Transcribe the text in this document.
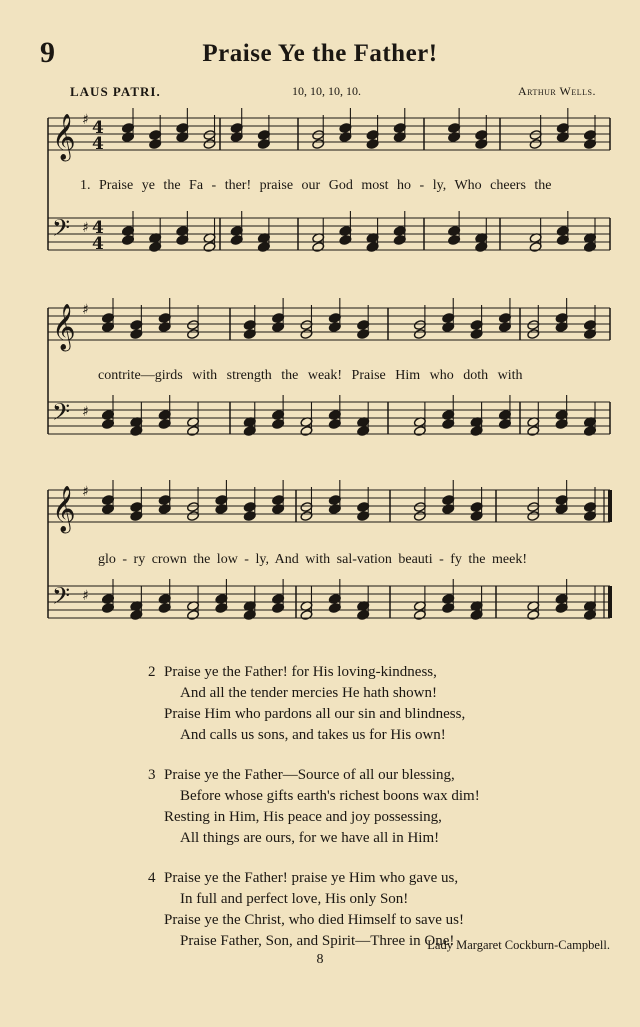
9	Praise Ye the Father!
LAUS PATRI.	10, 10, 10, 10.	Arthur Wells.
𝄞 ♯ 4
4
𝄢 ♯ 4
4
1. Praise ye the Fa - ther! praise our God most ho - ly, Who cheers the
𝄞 ♯
𝄢 ♯
contrite—girds with strength the weak! Praise Him who doth with
𝄞 ♯
𝄢 ♯
glo - ry crown the low - ly, And with sal-vation beauti - fy the meek!
2 Praise ye the Father! for His loving-kindness,
And all the tender mercies He hath shown!
Praise Him who pardons all our sin and blindness,
And calls us sons, and takes us for His own!
3 Praise ye the Father—Source of all our blessing,
Before whose gifts earth's richest boons wax dim!
Resting in Him, His peace and joy possessing,
All things are ours, for we have all in Him!
4 Praise ye the Father! praise ye Him who gave us,
In full and perfect love, His only Son!
Praise ye the Christ, who died Himself to save us!
Praise Father, Son, and Spirit—Three in One!
Lady Margaret Cockburn-Campbell.
8
